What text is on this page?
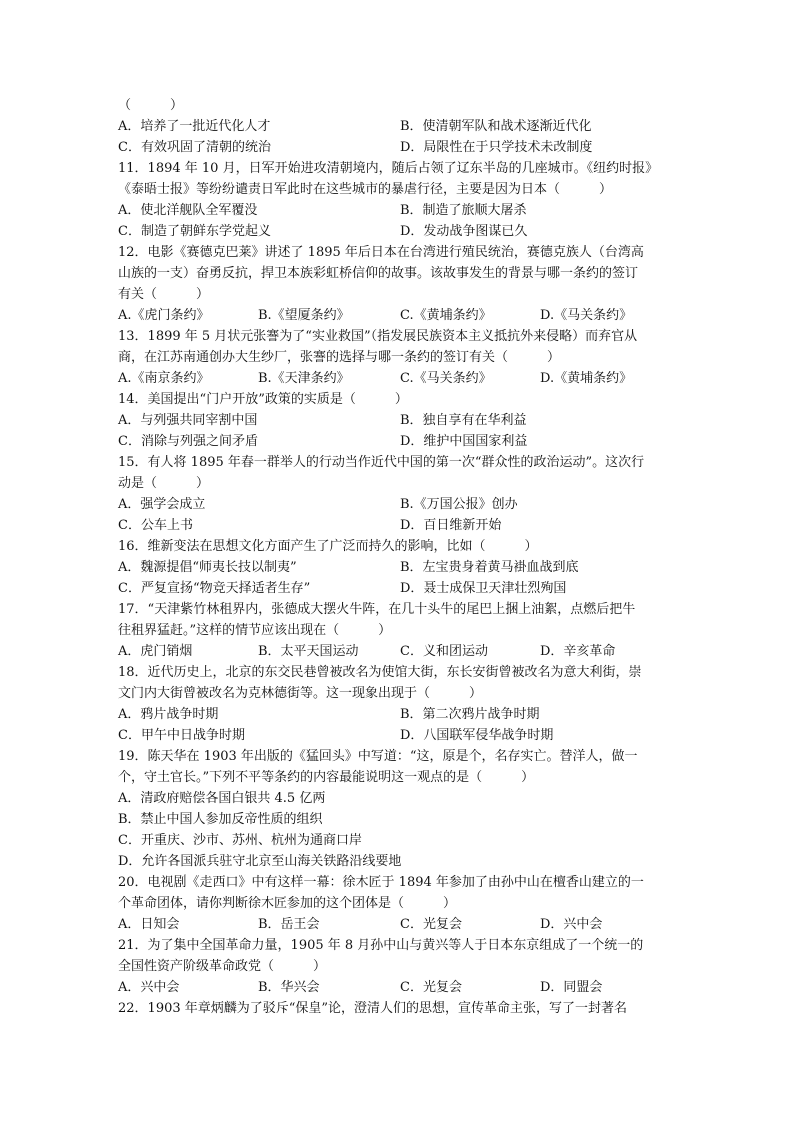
（　　　）
A．培养了一批近代化人才	B．使清朝军队和战术逐渐近代化
C．有效巩固了清朝的统治	D．局限性在于只学技术未改制度
11．1894 年 10 月，日军开始进攻清朝境内，随后占领了辽东半岛的几座城市。《纽约时报》
《泰晤士报》等纷纷谴责日军此时在这些城市的暴虐行径，主要是因为日本（　　　）
A．使北洋舰队全军覆没	B．制造了旅顺大屠杀
C．制造了朝鲜东学党起义	D．发动战争图谋已久
12．电影《赛德克巴莱》讲述了 1895 年后日本在台湾进行殖民统治，赛德克族人（台湾高
山族的一支）奋勇反抗，捍卫本族彩虹桥信仰的故事。该故事发生的背景与哪一条约的签订
有关（　　　）
A.《虎门条约》	B.《望厦条约》	C.《黄埔条约》	D.《马关条约》
13．1899 年 5 月状元张謇为了“实业救国”（指发展民族资本主义抵抗外来侵略）而弃官从
商，在江苏南通创办大生纱厂，张謇的选择与哪一条约的签订有关（　　　）
A.《南京条约》	B.《天津条约》	C.《马关条约》	D.《黄埔条约》
14．美国提出“门户开放”政策的实质是（　　　）
A．与列强共同宰割中国	B．独自享有在华利益
C．消除与列强之间矛盾	D．维护中国国家利益
15．有人将 1895 年春一群举人的行动当作近代中国的第一次“群众性的政治运动”。这次行
动是（　　　）
A．强学会成立	B.《万国公报》创办
C．公车上书	D．百日维新开始
16．维新变法在思想文化方面产生了广泛而持久的影响，比如（　　　）
A．魏源提倡“师夷长技以制夷”	B．左宝贵身着黄马褂血战到底
C．严复宣扬“物竞天择适者生存”	D．聂士成保卫天津壮烈殉国
17．“天津紫竹林租界内，张德成大摆火牛阵，在几十头牛的尾巴上捆上油絮，点燃后把牛
往租界猛赶。”这样的情节应该出现在（　　　）
A．虎门销烟	B．太平天国运动	C．义和团运动	D．辛亥革命
18．近代历史上，北京的东交民巷曾被改名为使馆大街，东长安街曾被改名为意大利街，崇
文门内大街曾被改名为克林德街等。这一现象出现于（　　　）
A．鸦片战争时期	B．第二次鸦片战争时期
C．甲午中日战争时期	D．八国联军侵华战争时期
19．陈天华在 1903 年出版的《猛回头》中写道：“这，原是个，名存实亡。替洋人，做一
个，守土官长。”下列不平等条约的内容最能说明这一观点的是（　　　）
A．清政府赔偿各国白银共 4.5 亿两
B．禁止中国人参加反帝性质的组织
C．开重庆、沙市、苏州、杭州为通商口岸
D．允许各国派兵驻守北京至山海关铁路沿线要地
20．电视剧《走西口》中有这样一幕：徐木匠于 1894 年参加了由孙中山在檀香山建立的一
个革命团体，请你判断徐木匠参加的这个团体是（　　　）
A．日知会	B．岳王会	C．光复会	D．兴中会
21．为了集中全国革命力量，1905 年 8 月孙中山与黄兴等人于日本东京组成了一个统一的
全国性资产阶级革命政党（　　　）
A．兴中会	B．华兴会	C．光复会	D．同盟会
22．1903 年章炳麟为了驳斥“保皇”论，澄清人们的思想，宣传革命主张，写了一封著名
